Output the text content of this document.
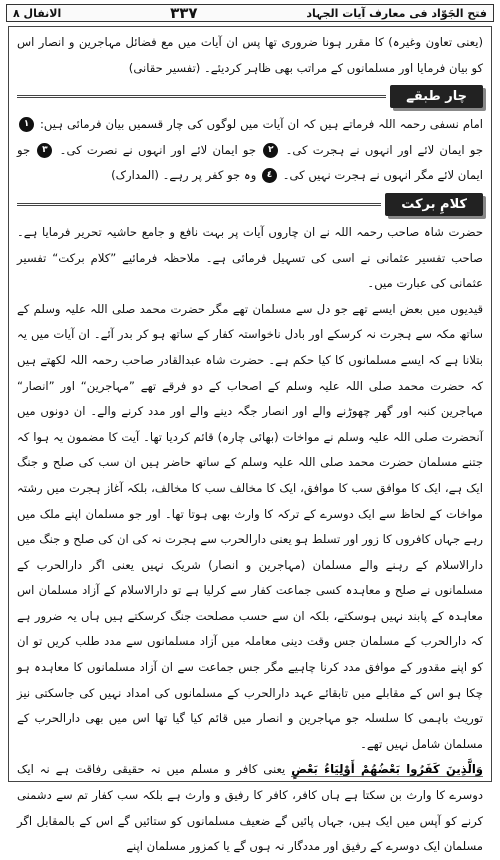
فتح الجَوّاد فی معارف آیات الجہاد
۳۳۷
الانفال ۸

(یعنی تعاون وغیرہ) کا مقرر ہونا ضروری تھا پس ان آیات میں مع فضائل مہاجرین و انصار اس کو بیان فرمایا اور مسلمانوں کے مراتب بھی ظاہر کردیئے۔ (تفسیر حقانی)

چار طبقے

امام نسفی رحمہ اللہ فرماتے ہیں کہ ان آیات میں لوگوں کی چار قسمیں بیان فرمائی ہیں: ١ جو ایمان لائے اور انہوں نے ہجرت کی۔ ٢ جو ایمان لائے اور انہوں نے نصرت کی۔ ٣ جو ایمان لائے مگر انہوں نے ہجرت نہیں کی۔ ٤ وہ جو کفر پر رہے۔ (المدارک)

کلامِ برکت

حضرت شاہ صاحب رحمہ اللہ نے ان چاروں آیات پر بہت نافع و جامع حاشیہ تحریر فرمایا ہے۔ صاحب تفسیر عثمانی نے اسی کی تسہیل فرمائی ہے۔ ملاحظہ فرمائیے ”کلام برکت“ تفسیر عثمانی کی عبارت میں۔

قیدیوں میں بعض ایسے تھے جو دل سے مسلمان تھے مگر حضرت محمد صلی اللہ علیہ وسلم کے ساتھ مکہ سے ہجرت نہ کرسکے اور بادل ناخواستہ کفار کے ساتھ ہو کر بدر آئے۔ ان آیات میں یہ بتلانا ہے کہ ایسے مسلمانوں کا کیا حکم ہے۔ حضرت شاہ عبدالقادر صاحب رحمہ اللہ لکھتے ہیں کہ حضرت محمد صلی اللہ علیہ وسلم کے اصحاب کے دو فرقے تھے ”مہاجرین“ اور ”انصار“ مہاجرین کنبہ اور گھر چھوڑنے والے اور انصار جگہ دینے والے اور مدد کرنے والے۔ ان دونوں میں آنحضرت صلی اللہ علیہ وسلم نے مواخات (بھائی چارہ) قائم کردیا تھا۔ آیت کا مضمون یہ ہوا کہ جتنے مسلمان حضرت محمد صلی اللہ علیہ وسلم کے ساتھ حاضر ہیں ان سب کی صلح و جنگ ایک ہے، ایک کا موافق سب کا موافق، ایک کا مخالف سب کا مخالف، بلکہ آغاز ہجرت میں رشتہ مواخات کے لحاظ سے ایک دوسرے کے ترکہ کا وارث بھی ہوتا تھا۔ اور جو مسلمان اپنے ملک میں رہے جہاں کافروں کا زور اور تسلط ہو یعنی دارالحرب سے ہجرت نہ کی ان کی صلح و جنگ میں دارالاسلام کے رہنے والے مسلمان (مہاجرین و انصار) شریک نہیں یعنی اگر دارالحرب کے مسلمانوں نے صلح و معاہدہ کسی جماعت کفار سے کرلیا ہے تو دارالاسلام کے آزاد مسلمان اس معاہدہ کے پابند نہیں ہوسکتے، بلکہ ان سے حسب مصلحت جنگ کرسکتے ہیں ہاں یہ ضرور ہے کہ دارالحرب کے مسلمان جس وقت دینی معاملہ میں آزاد مسلمانوں سے مدد طلب کریں تو ان کو اپنے مقدور کے موافق مدد کرنا چاہیے مگر جس جماعت سے ان آزاد مسلمانوں کا معاہدہ ہو چکا ہو اس کے مقابلے میں تابقائے عہد دارالحرب کے مسلمانوں کی امداد نہیں کی جاسکتی نیز توریث باہمی کا سلسلہ جو مہاجرین و انصار میں قائم کیا گیا تھا اس میں بھی دارالحرب کے مسلمان شامل نہیں تھے۔

وَالَّذِينَ كَفَرُوا بَعْضُهُمْ أَوْلِيَاءُ بَعْضٍ یعنی کافر و مسلم میں نہ حقیقی رفاقت ہے نہ ایک دوسرے کا وارث بن سکتا ہے ہاں کافر، کافر کا رفیق و وارث ہے بلکہ سب کفار تم سے دشمنی کرنے کو آپس میں ایک ہیں، جہاں پائیں گے ضعیف مسلمانوں کو ستائیں گے اس کے بالمقابل اگر مسلمان ایک دوسرے کے رفیق اور مددگار نہ ہوں گے یا کمزور مسلمان اپنے
